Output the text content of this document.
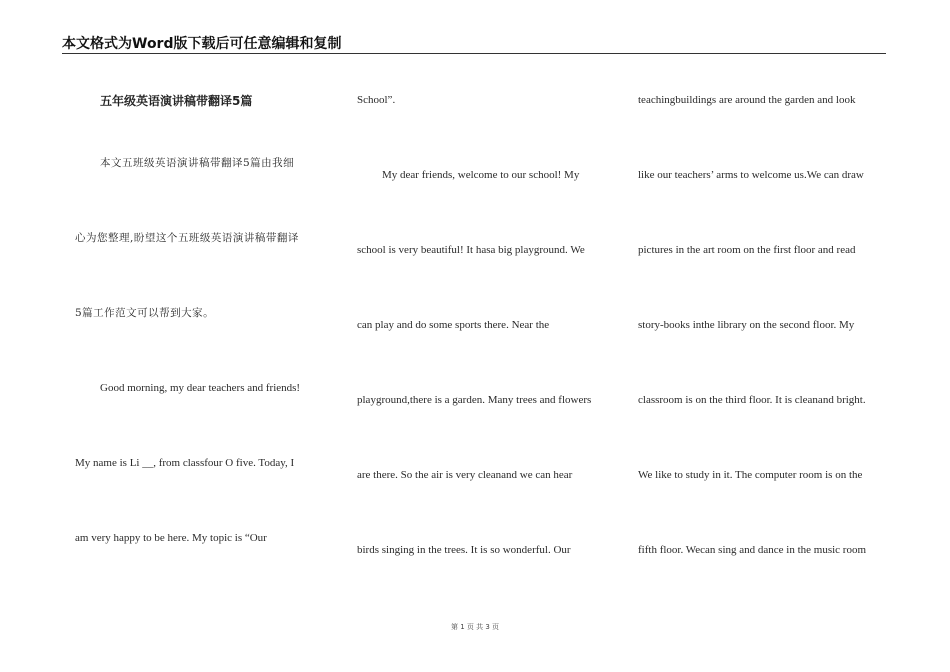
本文格式为Word版下载后可任意编辑和复制
五年级英语演讲稿带翻译5篇
本文五班级英语演讲稿带翻译5篇由我细
心为您整理,盼望这个五班级英语演讲稿带翻译
5篇工作范文可以帮到大家。
Good morning, my dear teachers and friends!
My name is Li __, from classfour O five. Today, I
am very happy to be here. My topic is “Our
School”.
My dear friends, welcome to our school! My
school is very beautiful! It hasa big playground. We
can play and do some sports there. Near the
playground,there is a garden. Many trees and flowers
are there. So the air is very cleanand we can hear
birds singing in the trees. It is so wonderful. Our
teachingbuildings are around the garden and look
like our teachers’ arms to welcome us.We can draw
pictures in the art room on the first floor and read
story-books inthe library on the second floor. My
classroom is on the third floor. It is cleanand bright.
We like to study in it. The computer room is on the
fifth floor. Wecan sing and dance in the music room
第 1 页 共 3 页
